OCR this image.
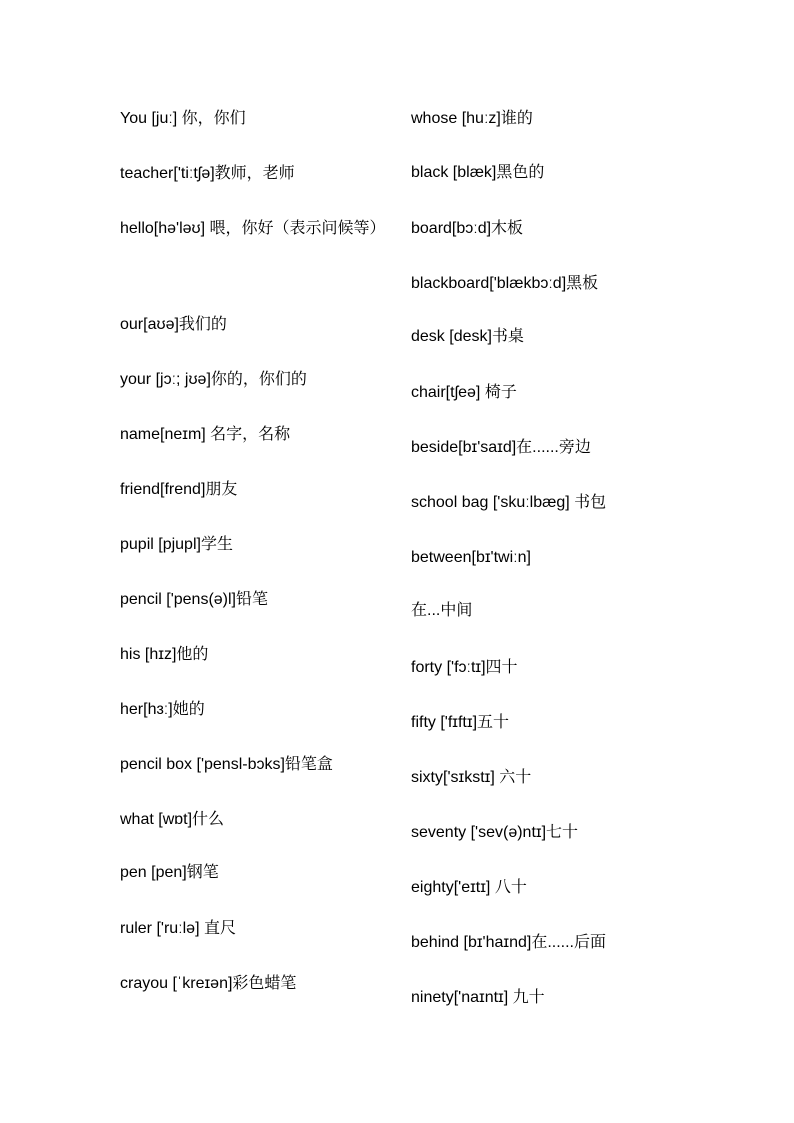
You [juː] 你，你们
teacher['tiːtʃə]教师，老师
hello[hə'ləʊ] 喂，你好（表示问候等）
our[aʊə]我们的
your [jɔː; jʊə]你的，你们的
name[neɪm] 名字，名称
friend[frend]朋友
pupil [pjupl]学生
pencil ['pens(ə)l]铅笔
his [hɪz]他的
her[hɜː]她的
pencil box ['pensl-bɔks]铅笔盒
what [wɒt]什么
pen [pen]钢笔
ruler ['ruːlə] 直尺
crayou [ˈkreɪən]彩色蜡笔
whose [huːz]谁的
black [blæk]黑色的
board[bɔːd]木板
blackboard['blækbɔːd]黑板
desk [desk]书桌
chair[tʃeə] 椅子
beside[bɪ'saɪd]在......旁边
school bag ['skuːlbæg] 书包
between[bɪ'twiːn]
在...中间
forty ['fɔːtɪ]四十
fifty ['fɪftɪ]五十
sixty['sɪkstɪ] 六十
seventy ['sev(ə)ntɪ]七十
eighty['eɪtɪ] 八十
behind [bɪ'haɪnd]在......后面
ninety['naɪntɪ] 九十
